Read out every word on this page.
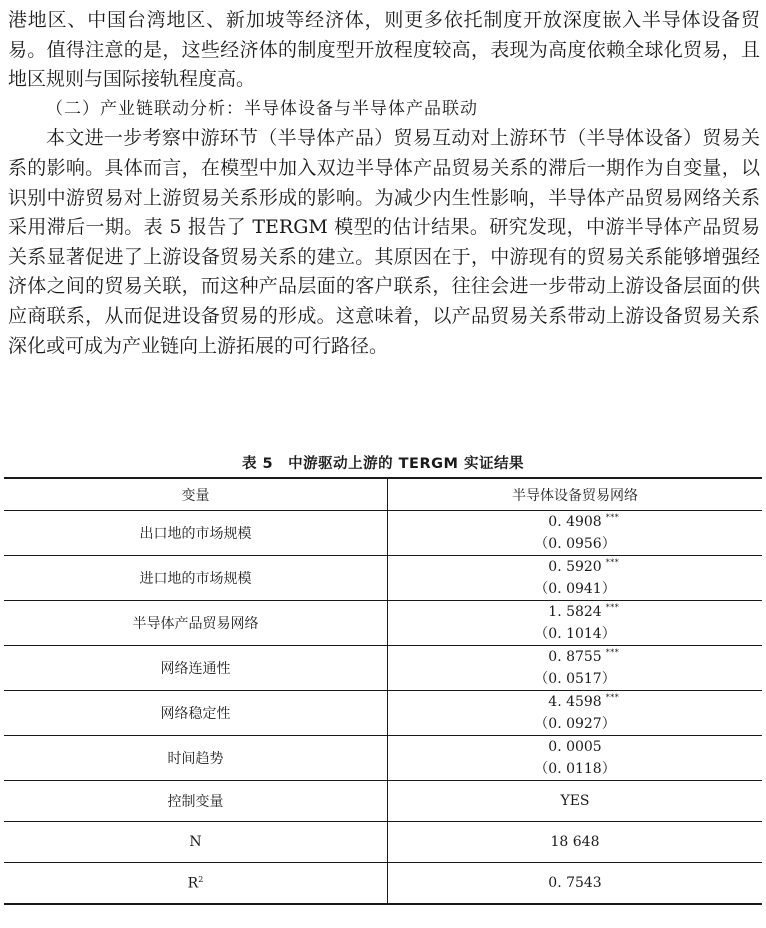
港地区、中国台湾地区、新加坡等经济体，则更多依托制度开放深度嵌入半导体设备贸易。值得注意的是，这些经济体的制度型开放程度较高，表现为高度依赖全球化贸易，且地区规则与国际接轨程度高。

（二）产业链联动分析：半导体设备与半导体产品联动

本文进一步考察中游环节（半导体产品）贸易互动对上游环节（半导体设备）贸易关系的影响。具体而言，在模型中加入双边半导体产品贸易关系的滞后一期作为自变量，以识别中游贸易对上游贸易关系形成的影响。为减少内生性影响，半导体产品贸易网络关系采用滞后一期。表 5 报告了 TERGM 模型的估计结果。研究发现，中游半导体产品贸易关系显著促进了上游设备贸易关系的建立。其原因在于，中游现有的贸易关系能够增强经济体之间的贸易关联，而这种产品层面的客户联系，往往会进一步带动上游设备层面的供应商联系，从而促进设备贸易的形成。这意味着，以产品贸易关系带动上游设备贸易关系深化或可成为产业链向上游拓展的可行路径。

表 5　中游驱动上游的 TERGM 实证结果
变量	半导体设备贸易网络
出口地的市场规模	0. 4908 ***
（0. 0956）

进口地的市场规模	0. 5920 ***
（0. 0941）

半导体产品贸易网络	1. 5824 ***
（0. 1014）

网络连通性	0. 8755 ***
（0. 0517）

网络稳定性	4. 4598 ***
（0. 0927）

时间趋势	0. 0005
（0. 0118）

控制变量	YES
N	18 648
$R^2$	0. 7543
